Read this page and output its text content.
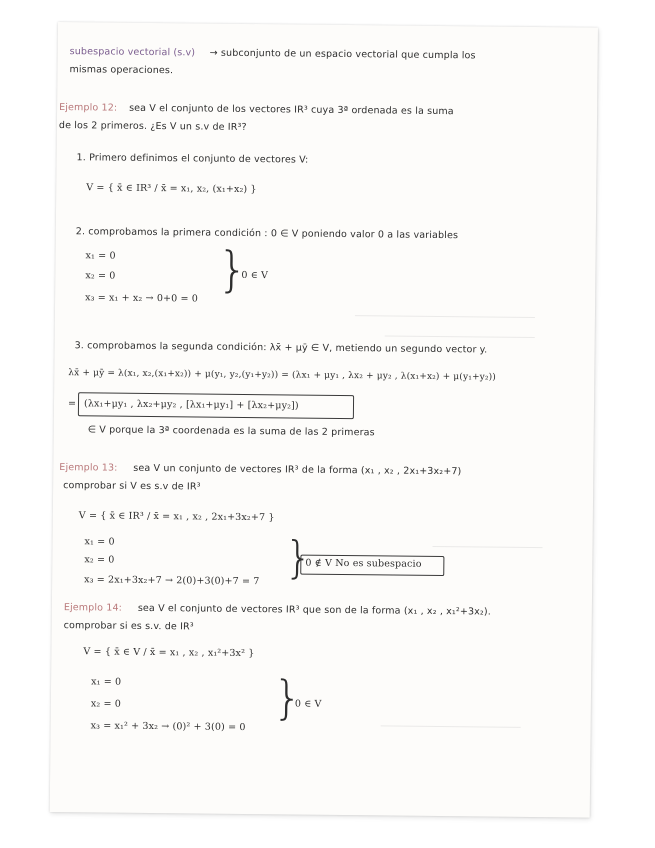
subespacio vectorial (s.v) → subconjunto de un espacio vectorial que cumpla los
mismas operaciones.
Ejemplo 12: sea V el conjunto de los vectores IR³ cuya 3ª ordenada es la suma
de los 2 primeros. ¿Es V un s.v de IR³?
1. Primero definimos el conjunto de vectores V:
V = { x̄ ∈ IR³ / x̄ = x₁, x₂, (x₁+x₂) }
2. comprobamos la primera condición : 0 ∈ V poniendo valor 0 a las variables
x₁ = 0
x₂ = 0
x₃ = x₁ + x₂ → 0+0 = 0
}
0 ∈ V
3. comprobamos la segunda condición: λx̄ + μȳ ∈ V, metiendo un segundo vector y.
λx̄ + μȳ = λ(x₁, x₂,(x₁+x₂)) + μ(y₁, y₂,(y₁+y₂)) = (λx₁ + μy₁ , λx₂ + μy₂ , λ(x₁+x₂) + μ(y₁+y₂))
= (λx₁+μy₁ , λx₂+μy₂ , [λx₁+μy₁] + [λx₂+μy₂])
∈ V porque la 3ª coordenada es la suma de las 2 primeras
Ejemplo 13: sea V un conjunto de vectores IR³ de la forma (x₁ , x₂ , 2x₁+3x₂+7)
comprobar si V es s.v de IR³
V = { x̄ ∈ IR³ / x̄ = x₁ , x₂ , 2x₁+3x₂+7 }
x₁ = 0
x₂ = 0
x₃ = 2x₁+3x₂+7 → 2(0)+3(0)+7 = 7 }
0 ∉ V No es subespacio
Ejemplo 14: sea V el conjunto de vectores IR³ que son de la forma (x₁ , x₂ , x₁²+3x₂).
comprobar si es s.v. de IR³
V = { x̄ ∈ V / x̄ = x₁ , x₂ , x₁²+3x² }
x₁ = 0
x₂ = 0
x₃ = x₁² + 3x₂ → (0)² + 3(0) = 0
}
0 ∈ V
